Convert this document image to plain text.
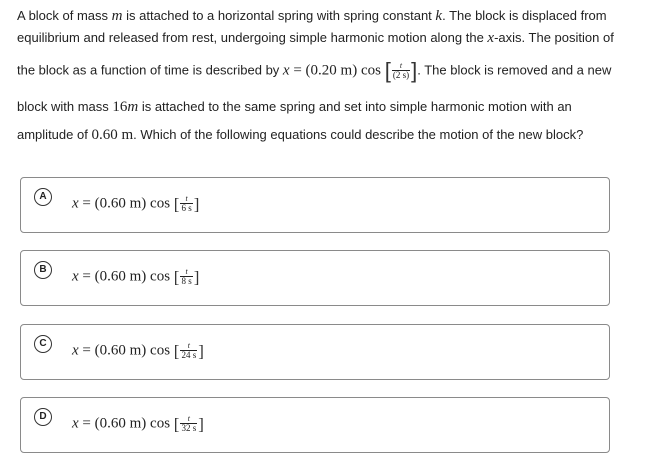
A block of mass m is attached to a horizontal spring with spring constant k. The block is displaced from
equilibrium and released from rest, undergoing simple harmonic motion along the x-axis. The position of
the block as a function of time is described by x = (0.20 m) cos [ $\frac{t}{(2 s)}$ ]. The block is removed and a new
block with mass 16m is attached to the same spring and set into simple harmonic motion with an
amplitude of 0.60 m. Which of the following equations could describe the motion of the new block?
A	x = (0.60 m) cos [ $\frac{t}{6 s}$ ]
B	x = (0.60 m) cos [ $\frac{t}{8 s}$ ]
C	x = (0.60 m) cos [ $\frac{t}{24 s}$ ]
D	x = (0.60 m) cos [ $\frac{t}{32 s}$ ]
